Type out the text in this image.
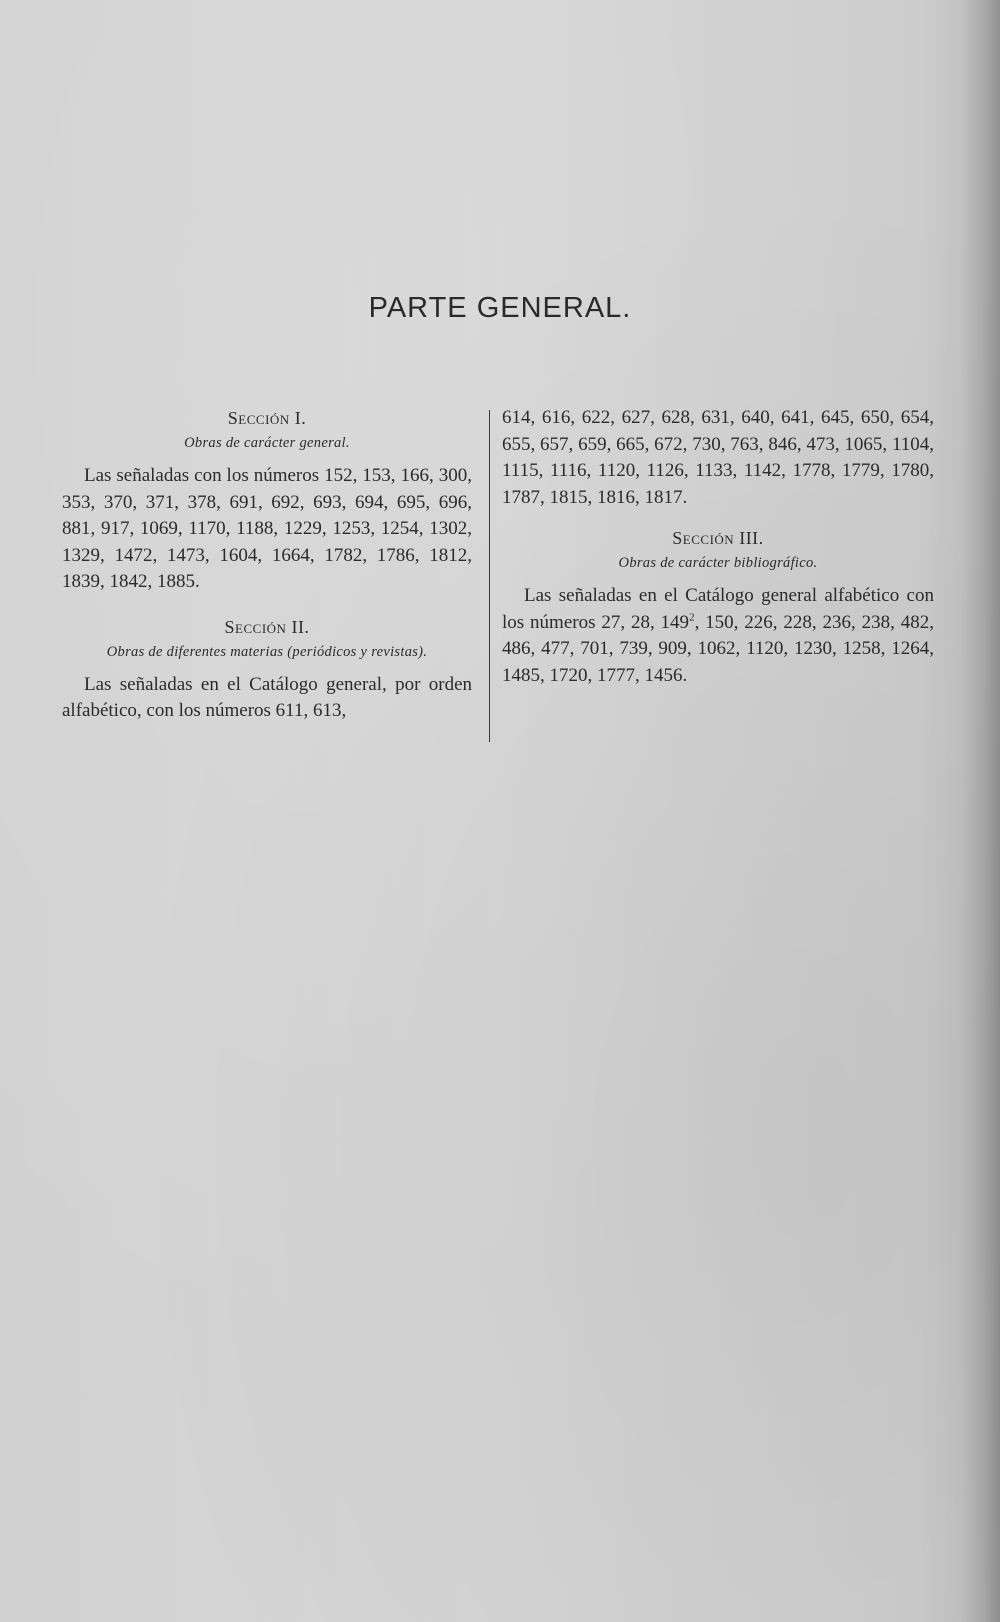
PARTE GENERAL.

Sección I.

Obras de carácter general.

Las señaladas con los números 152, 153, 166, 300, 353, 370, 371, 378, 691, 692, 693, 694, 695, 696, 881, 917, 1069, 1170, 1188, 1229, 1253, 1254, 1302, 1329, 1472, 1473, 1604, 1664, 1782, 1786, 1812, 1839, 1842, 1885.

Sección II.

Obras de diferentes materias (periódicos y revistas).

Las señaladas en el Catálogo general, por orden alfabético, con los números 611, 613,

614, 616, 622, 627, 628, 631, 640, 641, 645, 650, 654, 655, 657, 659, 665, 672, 730, 763, 846, 473, 1065, 1104, 1115, 1116, 1120, 1126, 1133, 1142, 1778, 1779, 1780, 1787, 1815, 1816, 1817.

Sección III.

Obras de carácter bibliográfico.

Las señaladas en el Catálogo general alfabético con los números 27, 28, $149^2$, 150, 226, 228, 236, 238, 482, 486, 477, 701, 739, 909, 1062, 1120, 1230, 1258, 1264, 1485, 1720, 1777, 1456.
